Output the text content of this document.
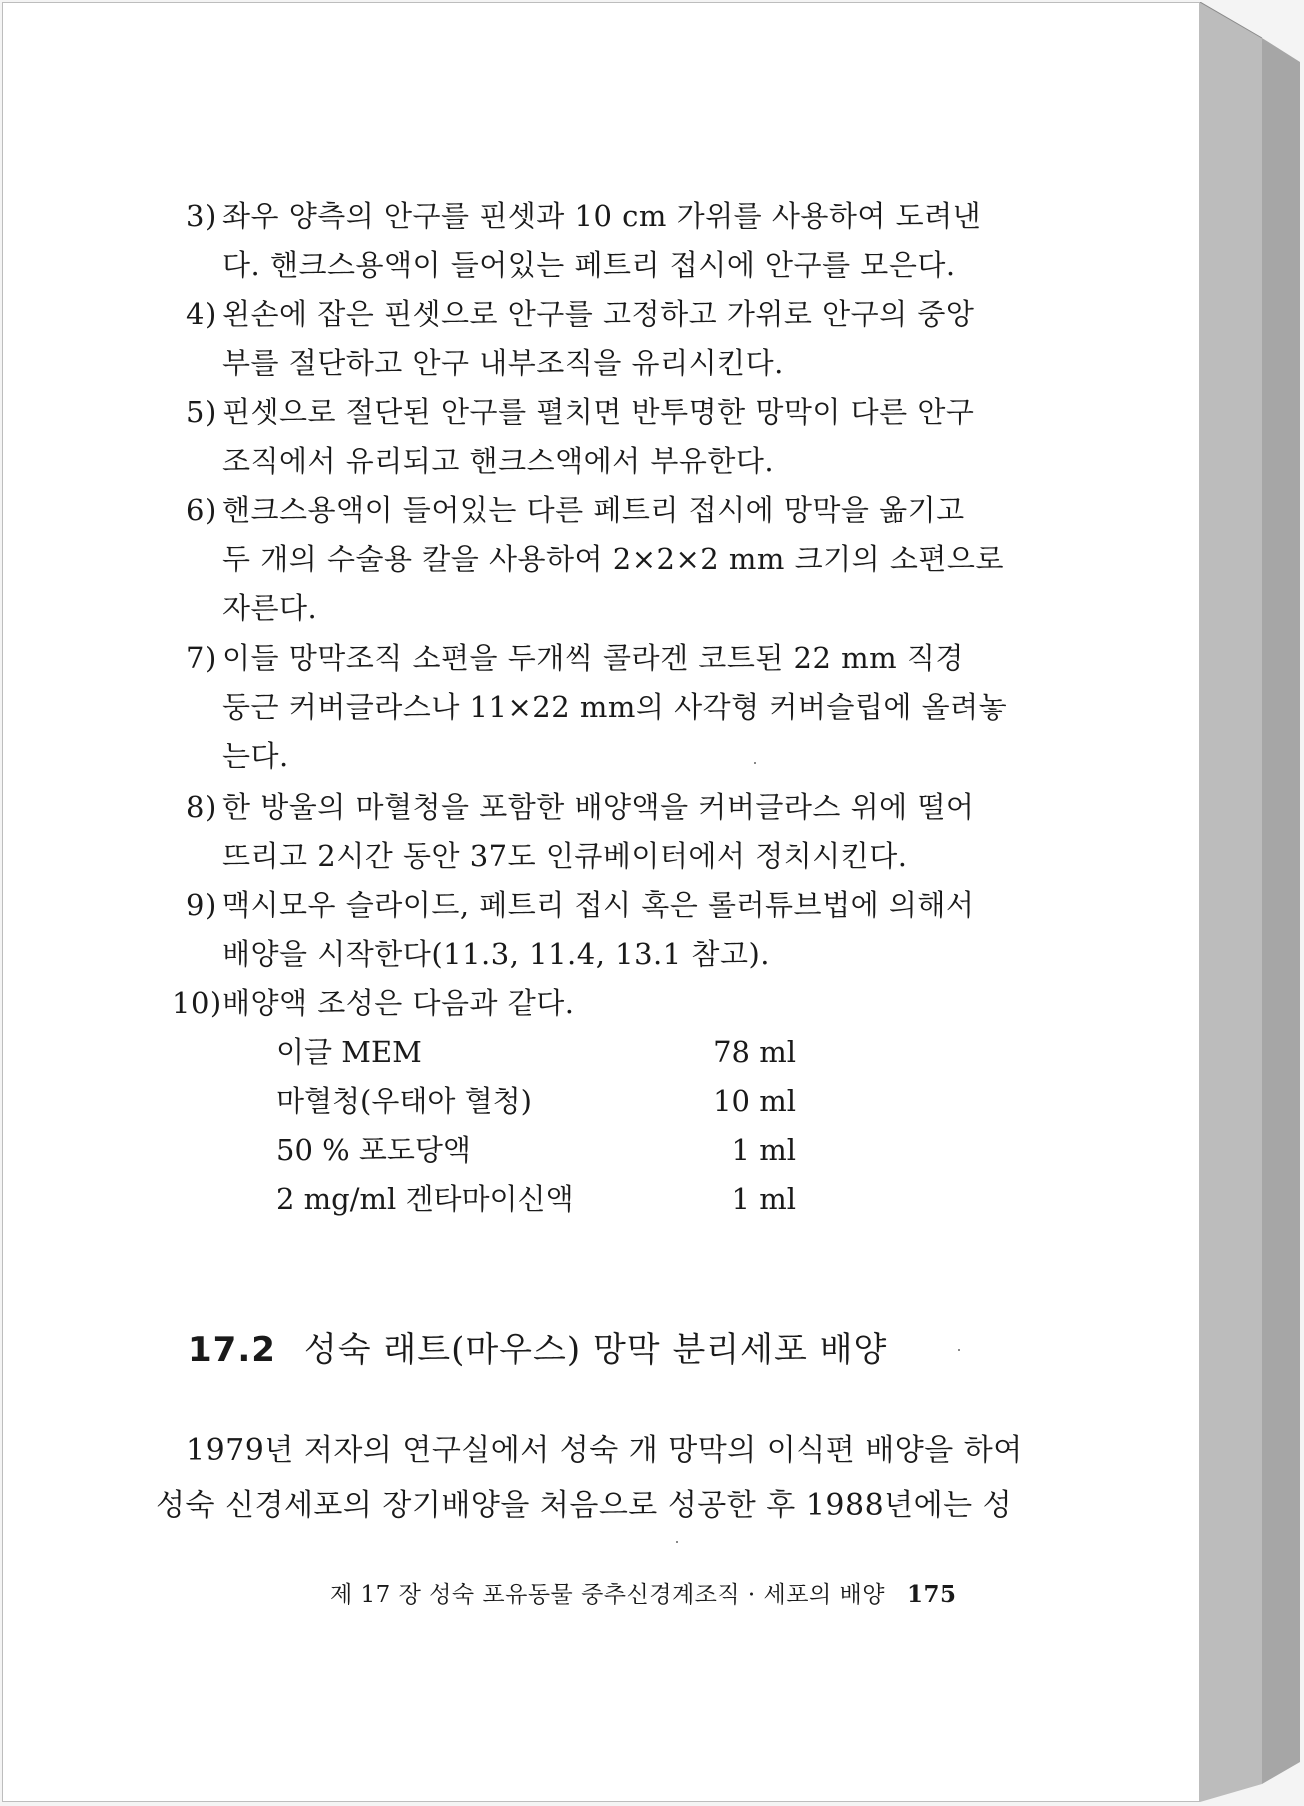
3) 좌우 양측의 안구를 핀셋과 10 cm 가위를 사용하여 도려낸
다. 핸크스용액이 들어있는 페트리 접시에 안구를 모은다.
4) 왼손에 잡은 핀셋으로 안구를 고정하고 가위로 안구의 중앙
부를 절단하고 안구 내부조직을 유리시킨다.
5) 핀셋으로 절단된 안구를 펼치면 반투명한 망막이 다른 안구
조직에서 유리되고 핸크스액에서 부유한다.
6) 핸크스용액이 들어있는 다른 페트리 접시에 망막을 옮기고
두 개의 수술용 칼을 사용하여 2×2×2 mm 크기의 소편으로
자른다.
7) 이들 망막조직 소편을 두개씩 콜라겐 코트된 22 mm 직경
둥근 커버글라스나 11×22 mm의 사각형 커버슬립에 올려놓
는다.
8) 한 방울의 마혈청을 포함한 배양액을 커버글라스 위에 떨어
뜨리고 2시간 동안 37도 인큐베이터에서 정치시킨다.
9) 맥시모우 슬라이드, 페트리 접시 혹은 롤러튜브법에 의해서
배양을 시작한다(11.3, 11.4, 13.1 참고).
10)배양액 조성은 다음과 같다.
이글 MEM	78 ml
마혈청(우태아 혈청)	10 ml
50 % 포도당액	1 ml
2 mg/ml 겐타마이신액	1 ml
17.2 성숙 래트(마우스) 망막 분리세포 배양
1979년 저자의 연구실에서 성숙 개 망막의 이식편 배양을 하여
성숙 신경세포의 장기배양을 처음으로 성공한 후 1988년에는 성
제 17 장 성숙 포유동물 중추신경계조직 · 세포의 배양 175
